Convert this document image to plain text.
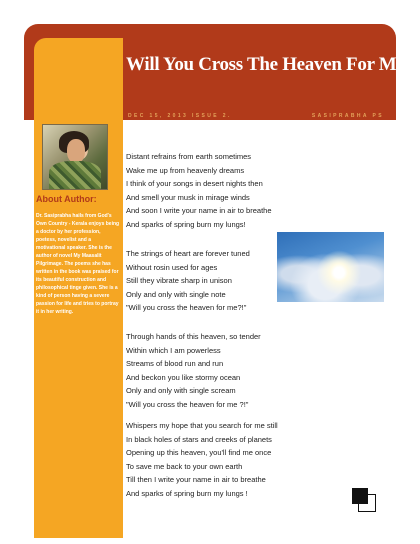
Will You Cross The Heaven For Me
DEC 15, 2013 ISSUE 2.	SASIPRABHA PS
About Author:
Dr. Sasiprabha hails from God's Own Country - Kerala enjoys being a doctor by her profession, poetess, novelist and a motivational speaker. She is the author of novel My Maasalit Pilgrimage. The poems she has written in the book was praised for its beautiful construction and philosophical tinge given. She is a kind of person having a severe passion for life and tries to portray it in her writing.
Distant refrains from earth sometimes
Wake me up from heavenly dreams
I think of your songs in desert nights then
And smell your musk in mirage winds
And soon I write your name in air to breathe
And sparks of spring burn my lungs!
The strings of heart are forever tuned
Without rosin used for ages
Still they vibrate sharp in unison
Only and only with single note
"Will you cross the heaven for me?!"
Through hands of this heaven, so tender
Within which I am powerless
Streams of blood run and run
And beckon you like stormy ocean
Only and only with single scream
"Will you cross the heaven for me ?!"
Whispers my hope that you search for me still
In black holes of stars and creeks of planets
Opening up this heaven, you'll find me once
To save me back to your own earth
Till then I write your name in air to breathe
And sparks of spring burn my lungs !
